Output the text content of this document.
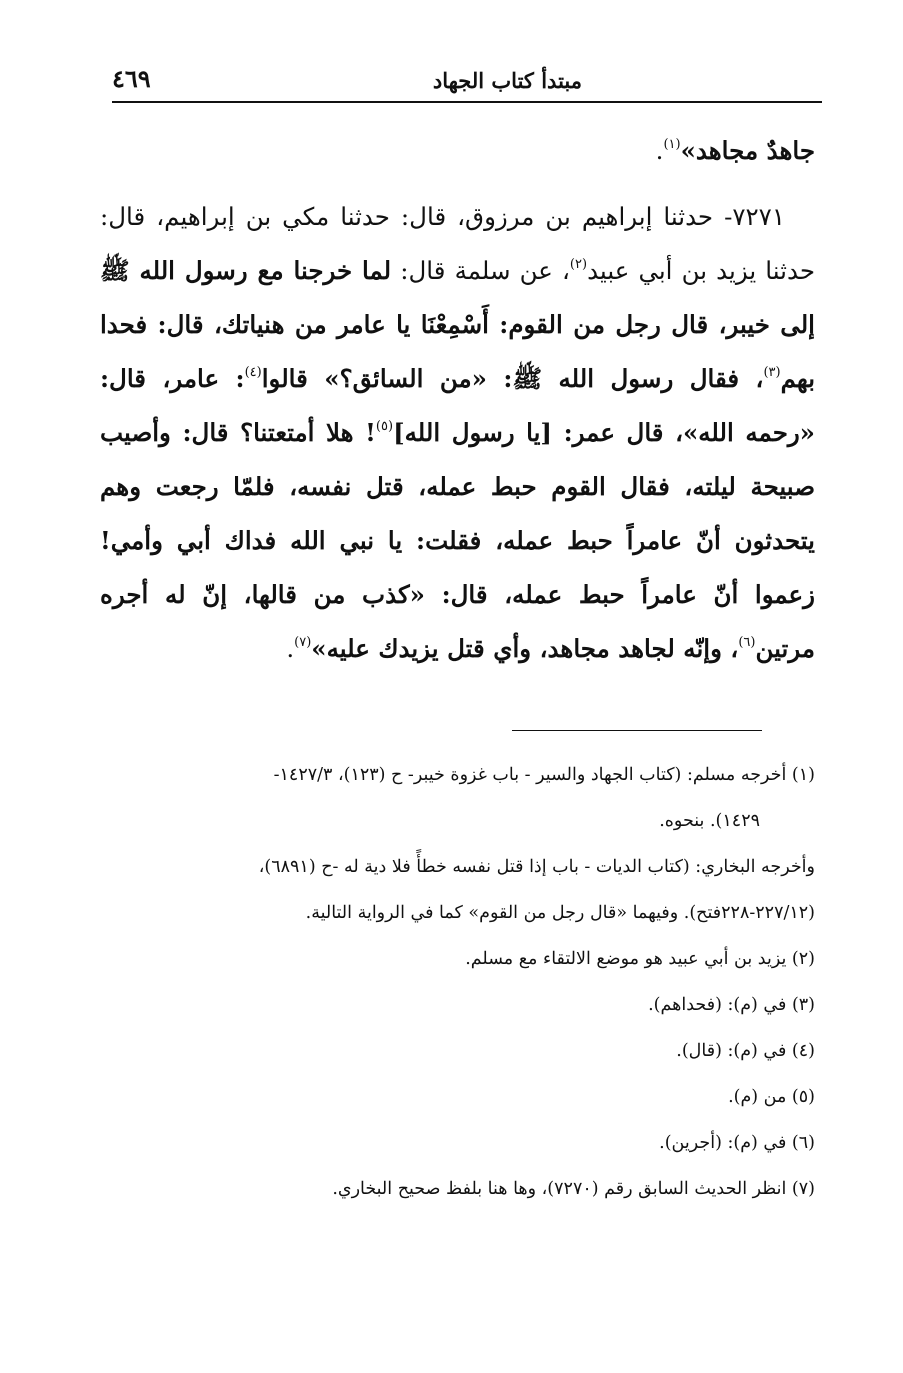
مبتدأ كتاب الجهاد
٤٦٩

جاهدٌ مجاهد»$^{(١)}$.

٧٢٧١- حدثنا إبراهيم بن مرزوق، قال: حدثنا مكي بن إبراهيم، قال: حدثنا يزيد بن أبي عبيد$^{(٢)}$، عن سلمة قال: لما خرجنا مع رسول الله ﷺ إلى خيبر، قال رجل من القوم: أَسْمِعْنَا يا عامر من هنياتك، قال: فحدا بهم$^{(٣)}$، فقال رسول الله ﷺ: «من السائق؟» قالوا$^{(٤)}$: عامر، قال: «رحمه الله»، قال عمر: [يا رسول الله]$^{(٥)}$! هلا أمتعتنا؟ قال: وأصيب صبيحة ليلته، فقال القوم حبط عمله، قتل نفسه، فلمّا رجعت وهم يتحدثون أنّ عامراً حبط عمله، فقلت: يا نبي الله فداك أبي وأمي! زعموا أنّ عامراً حبط عمله، قال: «كذب من قالها، إنّ له أجره مرتين$^{(٦)}$، وإنّه لجاهد مجاهد، وأي قتل يزيدك عليه»$^{(٧)}$.

(١) أخرجه مسلم: (كتاب الجهاد والسير - باب غزوة خيبر- ح (١٢٣)، ١٤٢٧/٣-

١٤٢٩). بنحوه.

وأخرجه البخاري: (كتاب الديات - باب إذا قتل نفسه خطأً فلا دية له -ح (٦٨٩١)،

(٢٢٧/١٢-٢٢٨فتح). وفيهما «قال رجل من القوم» كما في الرواية التالية.

(٢) يزيد بن أبي عبيد هو موضع الالتقاء مع مسلم.

(٣) في (م): (فحداهم).

(٤) في (م): (قال).

(٥) من (م).

(٦) في (م): (أجرين).

(٧) انظر الحديث السابق رقم (٧٢٧٠)، وها هنا بلفظ صحيح البخاري.
